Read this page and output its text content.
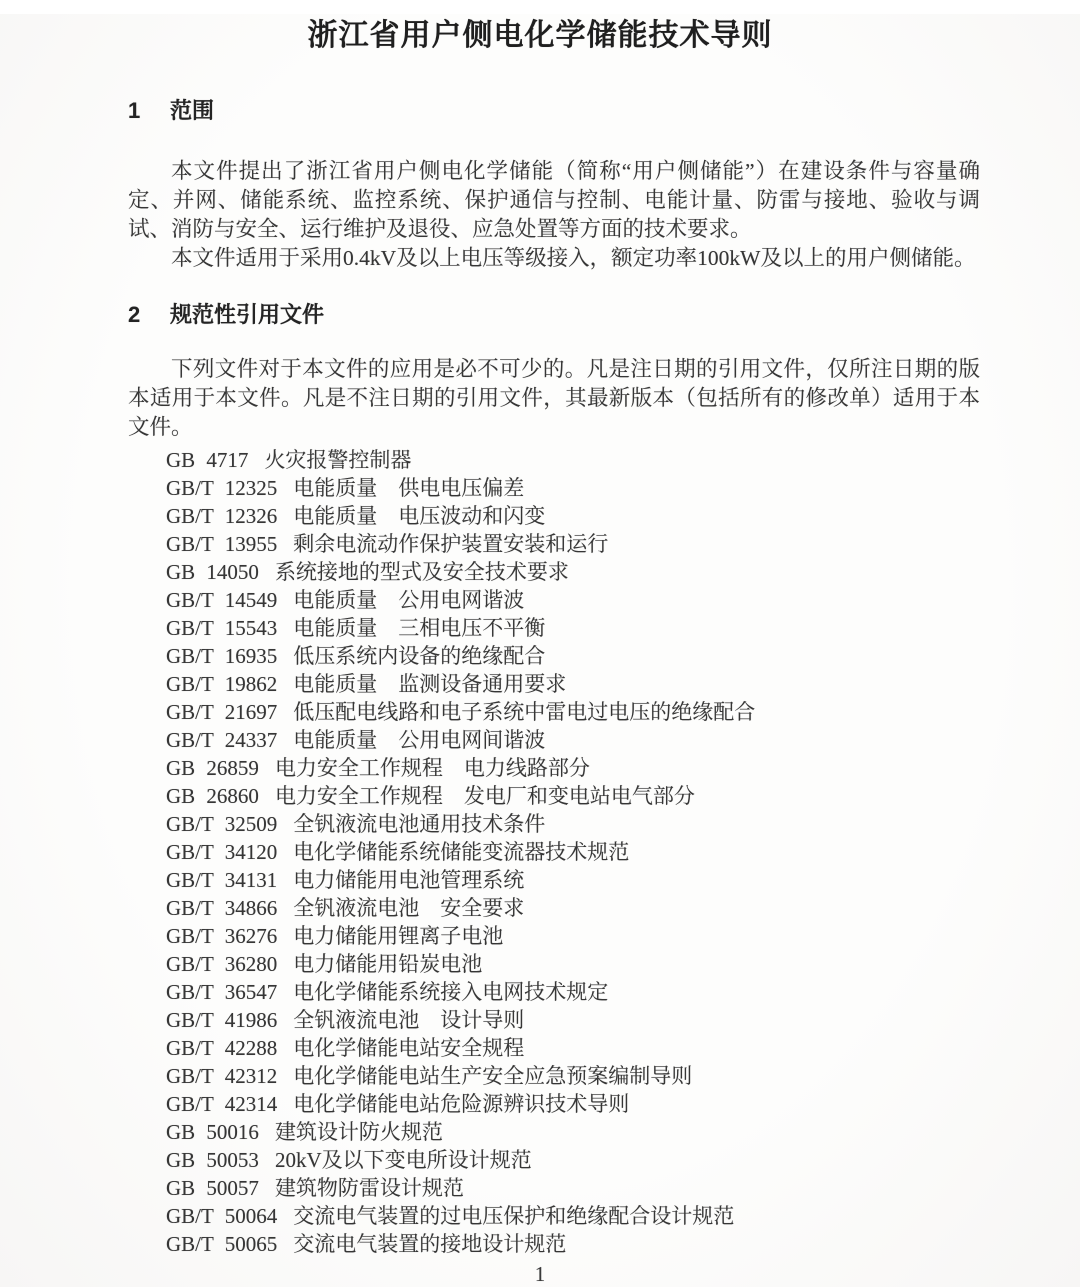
浙江省用户侧电化学储能技术导则
1	范围

本文件提出了浙江省用户侧电化学储能（简称“用户侧储能”）在建设条件与容量确定、并网、储能系统、监控系统、保护通信与控制、电能计量、防雷与接地、验收与调试、消防与安全、运行维护及退役、应急处置等方面的技术要求。

本文件适用于采用0.4kV及以上电压等级接入，额定功率100kW及以上的用户侧储能。

2	规范性引用文件

下列文件对于本文件的应用是必不可少的。凡是注日期的引用文件，仅所注日期的版本适用于本文件。凡是不注日期的引用文件，其最新版本（包括所有的修改单）适用于本文件。

GB 4717 火灾报警控制器
GB/T 12325 电能质量　供电电压偏差
GB/T 12326 电能质量　电压波动和闪变
GB/T 13955 剩余电流动作保护装置安装和运行
GB 14050 系统接地的型式及安全技术要求
GB/T 14549 电能质量　公用电网谐波
GB/T 15543 电能质量　三相电压不平衡
GB/T 16935 低压系统内设备的绝缘配合
GB/T 19862 电能质量　监测设备通用要求
GB/T 21697 低压配电线路和电子系统中雷电过电压的绝缘配合
GB/T 24337 电能质量　公用电网间谐波
GB 26859 电力安全工作规程　电力线路部分
GB 26860 电力安全工作规程　发电厂和变电站电气部分
GB/T 32509 全钒液流电池通用技术条件
GB/T 34120 电化学储能系统储能变流器技术规范
GB/T 34131 电力储能用电池管理系统
GB/T 34866 全钒液流电池　安全要求
GB/T 36276 电力储能用锂离子电池
GB/T 36280 电力储能用铅炭电池
GB/T 36547 电化学储能系统接入电网技术规定
GB/T 41986 全钒液流电池　设计导则
GB/T 42288 电化学储能电站安全规程
GB/T 42312 电化学储能电站生产安全应急预案编制导则
GB/T 42314 电化学储能电站危险源辨识技术导则
GB 50016 建筑设计防火规范
GB 50053 20kV及以下变电所设计规范
GB 50057 建筑物防雷设计规范
GB/T 50064 交流电气装置的过电压保护和绝缘配合设计规范
GB/T 50065 交流电气装置的接地设计规范
1
